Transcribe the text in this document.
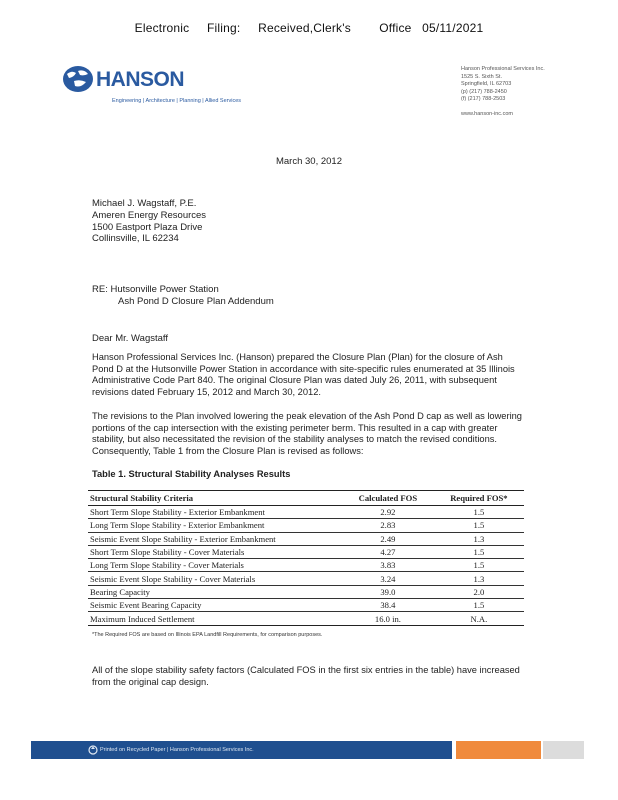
Electronic     Filing:     Received,Clerk's        Office   05/11/2021
HANSON
Engineering | Architecture | Planning | Allied Services
Hanson Professional Services Inc.
1525 S. Sixth St.
Springfield, IL 62703
(p) (217) 788-2450
(f) (217) 788-2503
www.hanson-inc.com
March 30, 2012
Michael J. Wagstaff, P.E.
Ameren Energy Resources
1500 Eastport Plaza Drive
Collinsville, IL 62234
RE: Hutsonville Power Station
Ash Pond D Closure Plan Addendum
Dear Mr. Wagstaff
Hanson Professional Services Inc. (Hanson) prepared the Closure Plan (Plan) for the closure of Ash Pond D at the Hutsonville Power Station in accordance with site-specific rules enumerated at 35 Illinois Administrative Code Part 840. The original Closure Plan was dated July 26, 2011, with subsequent revisions dated February 15, 2012 and March 30, 2012.
The revisions to the Plan involved lowering the peak elevation of the Ash Pond D cap as well as lowering portions of the cap intersection with the existing perimeter berm. This resulted in a cap with greater stability, but also necessitated the revision of the stability analyses to match the revised conditions. Consequently, Table 1 from the Closure Plan is revised as follows:
Table 1. Structural Stability Analyses Results
Structural Stability Criteria	Calculated FOS	Required FOS*
Short Term Slope Stability - Exterior Embankment	2.92	1.5
Long Term Slope Stability - Exterior Embankment	2.83	1.5
Seismic Event Slope Stability - Exterior Embankment	2.49	1.3
Short Term Slope Stability - Cover Materials	4.27	1.5
Long Term Slope Stability - Cover Materials	3.83	1.5
Seismic Event Slope Stability - Cover Materials	3.24	1.3
Bearing Capacity	39.0	2.0
Seismic Event Bearing Capacity	38.4	1.5
Maximum Induced Settlement	16.0 in.	N.A.
*The Required FOS are based on Illinois EPA Landfill Requirements, for comparison purposes.
All of the slope stability safety factors (Calculated FOS in the first six entries in the table) have increased from the original cap design.
Printed on Recycled Paper | Hanson Professional Services Inc.
